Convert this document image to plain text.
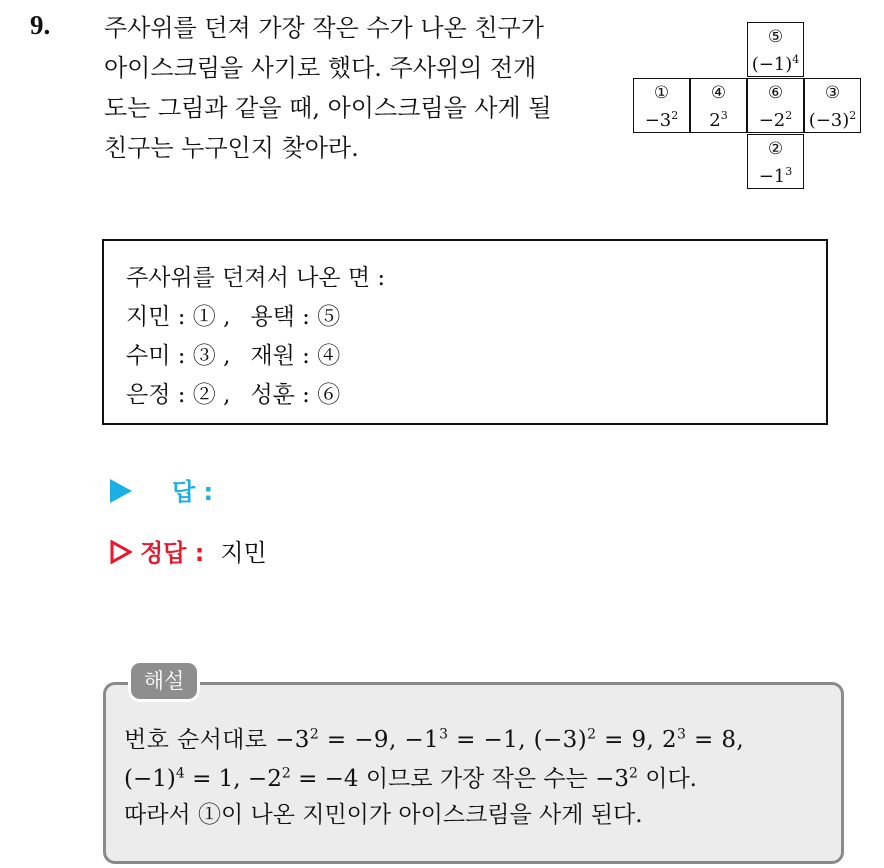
9. 주사위를 던져 가장 작은 수가 나온 친구가
아이스크림을 사기로 했다. 주사위의 전개
도는 그림과 같을 때, 아이스크림을 사게 될
친구는 누구인지 찾아라.
⑤
$(-1)^4$
①
$-3^2$
④
$2^3$
⑥
$-2^2$
③
$(-3)^2$
②
$-1^3$
주사위를 던져서 나온 면 :
지민 : ① , 용택 : ⑤
수미 : ③ , 재원 : ④
은정 : ② , 성훈 : ⑥
답 :
정답 : 지민
해설
번호 순서대로 $-3^2 = -9$, $-1^3 = -1$, $(-3)^2 = 9$, $2^3 = 8$,
$(-1)^4 = 1$, $-2^2 = -4$ 이므로 가장 작은 수는 $-3^2$ 이다.
따라서 ①이 나온 지민이가 아이스크림을 사게 된다.
